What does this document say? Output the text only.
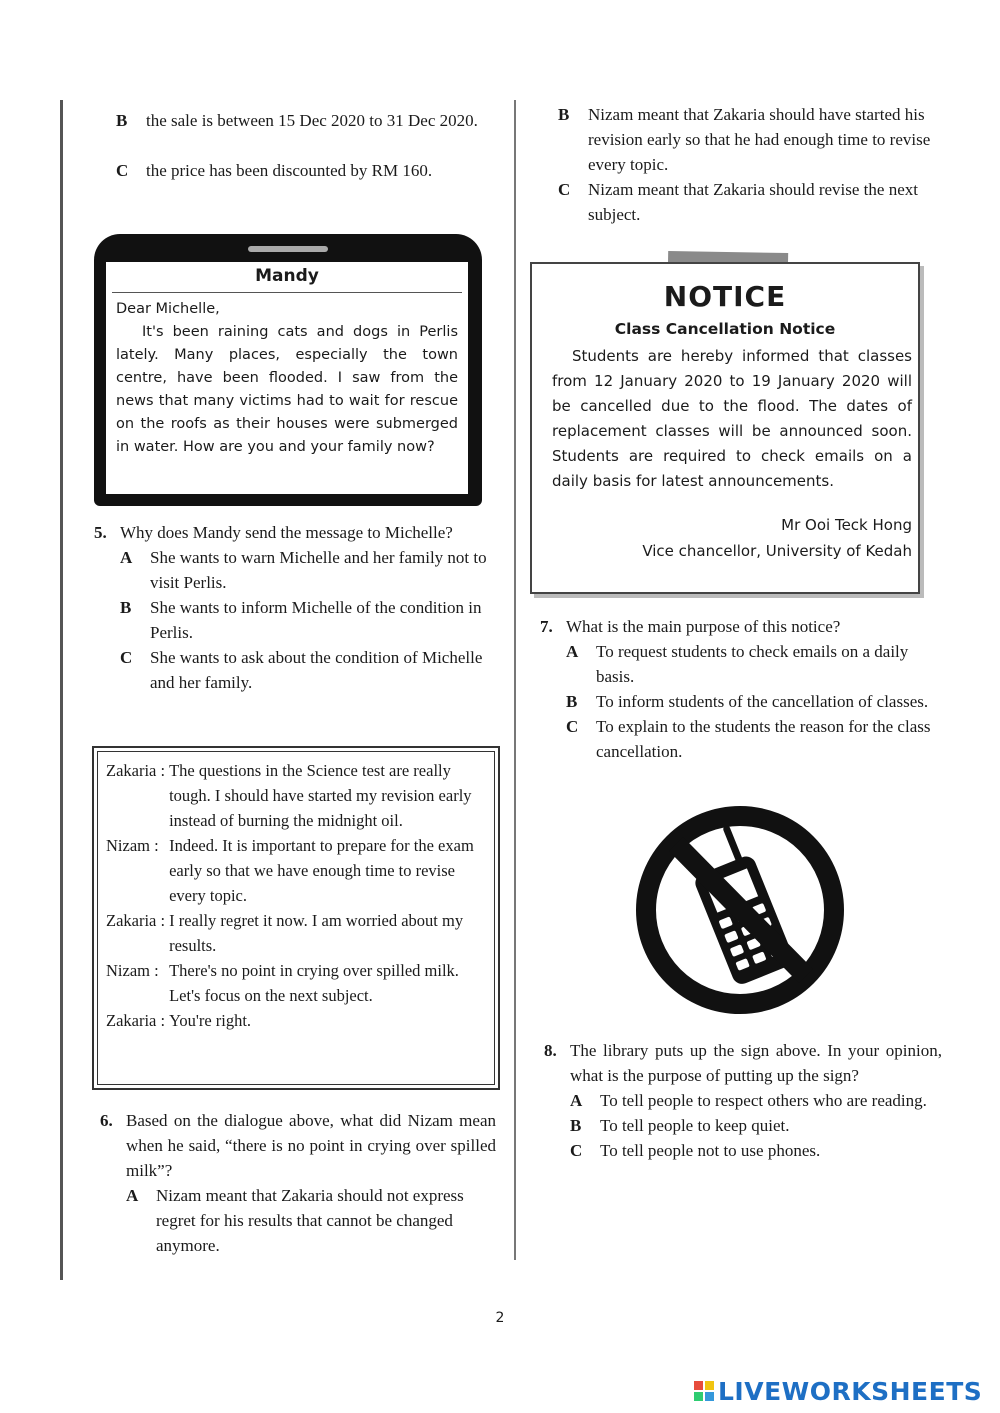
B the sale is between 15 Dec 2020 to 31 Dec 2020.
C the price has been discounted by RM 160.
Mandy
Dear Michelle,
It's been raining cats and dogs in Perlis lately. Many places, especially the town centre, have been flooded. I saw from the news that many victims had to wait for rescue on the roofs as their houses were submerged in water. How are you and your family now?
5. Why does Mandy send the message to Michelle?
A She wants to warn Michelle and her family not to visit Perlis.
B She wants to inform Michelle of the condition in Perlis.
C She wants to ask about the condition of Michelle and her family.
Zakaria :	The questions in the Science test are really tough. I should have started my revision early instead of burning the midnight oil.
Nizam :	Indeed. It is important to prepare for the exam early so that we have enough time to revise every topic.
Zakaria :	I really regret it now. I am worried about my results.
Nizam :	There's no point in crying over spilled milk. Let's focus on the next subject.
Zakaria :	You're right.
6. Based on the dialogue above, what did Nizam mean when he said, “there is no point in crying over spilled milk”?
A Nizam meant that Zakaria should not express regret for his results that cannot be changed anymore.
B Nizam meant that Zakaria should have started his revision early so that he had enough time to revise every topic.
C Nizam meant that Zakaria should revise the next subject.
NOTICE
Class Cancellation Notice
Students are hereby informed that classes from 12 January 2020 to 19 January 2020 will be cancelled due to the flood. The dates of replacement classes will be announced soon. Students are required to check emails on a daily basis for latest announcements.
Mr Ooi Teck Hong
Vice chancellor, University of Kedah
7. What is the main purpose of this notice?
A To request students to check emails on a daily basis.
B To inform students of the cancellation of classes.
C To explain to the students the reason for the class cancellation.
8. The library puts up the sign above. In your opinion, what is the purpose of putting up the sign?
A To tell people to respect others who are reading.
B To tell people to keep quiet.
C To tell people not to use phones.
2
LIVEWORKSHEETS
